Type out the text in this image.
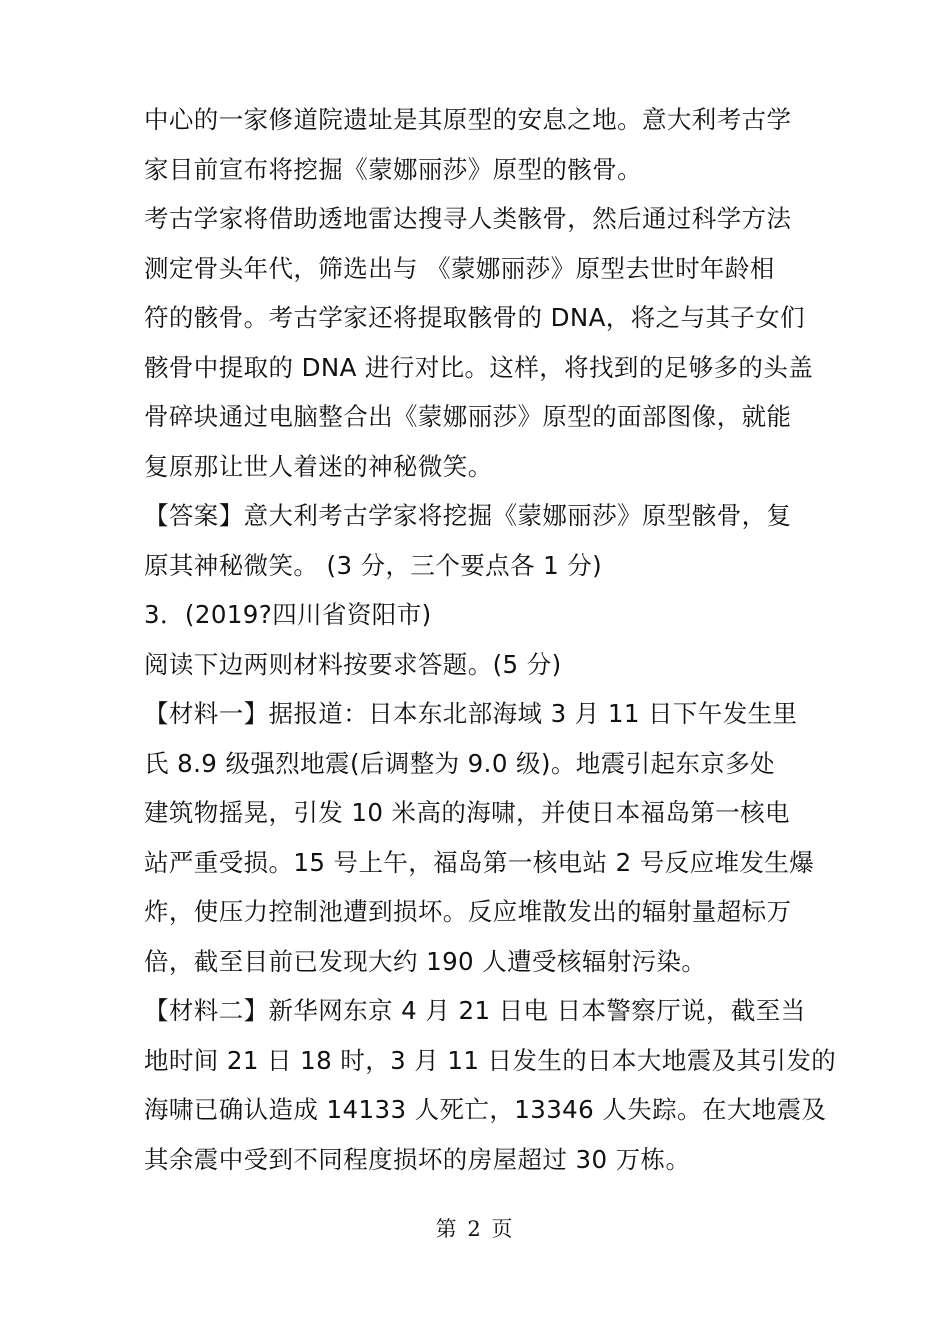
中心的一家修道院遗址是其原型的安息之地。意大利考古学
家目前宣布将挖掘《蒙娜丽莎》原型的骸骨。
考古学家将借助透地雷达搜寻人类骸骨，然后通过科学方法
测定骨头年代，筛选出与 《蒙娜丽莎》原型去世时年龄相
符的骸骨。考古学家还将提取骸骨的 DNA，将之与其子女们
骸骨中提取的 DNA 进行对比。这样，将找到的足够多的头盖
骨碎块通过电脑整合出《蒙娜丽莎》原型的面部图像，就能
复原那让世人着迷的神秘微笑。
【答案】意大利考古学家将挖掘《蒙娜丽莎》原型骸骨，复
原其神秘微笑。 (3 分，三个要点各 1 分)
3．(2019?四川省资阳市)
阅读下边两则材料按要求答题。(5 分)
【材料一】据报道：日本东北部海域 3 月 11 日下午发生里
氏 8.9 级强烈地震(后调整为 9.0 级)。地震引起东京多处
建筑物摇晃，引发 10 米高的海啸，并使日本福岛第一核电
站严重受损。15 号上午，福岛第一核电站 2 号反应堆发生爆
炸，使压力控制池遭到损坏。反应堆散发出的辐射量超标万
倍，截至目前已发现大约 190 人遭受核辐射污染。
【材料二】新华网东京 4 月 21 日电 日本警察厅说，截至当
地时间 21 日 18 时，3 月 11 日发生的日本大地震及其引发的
海啸已确认造成 14133 人死亡，13346 人失踪。在大地震及
其余震中受到不同程度损坏的房屋超过 30 万栋。
第 2 页
